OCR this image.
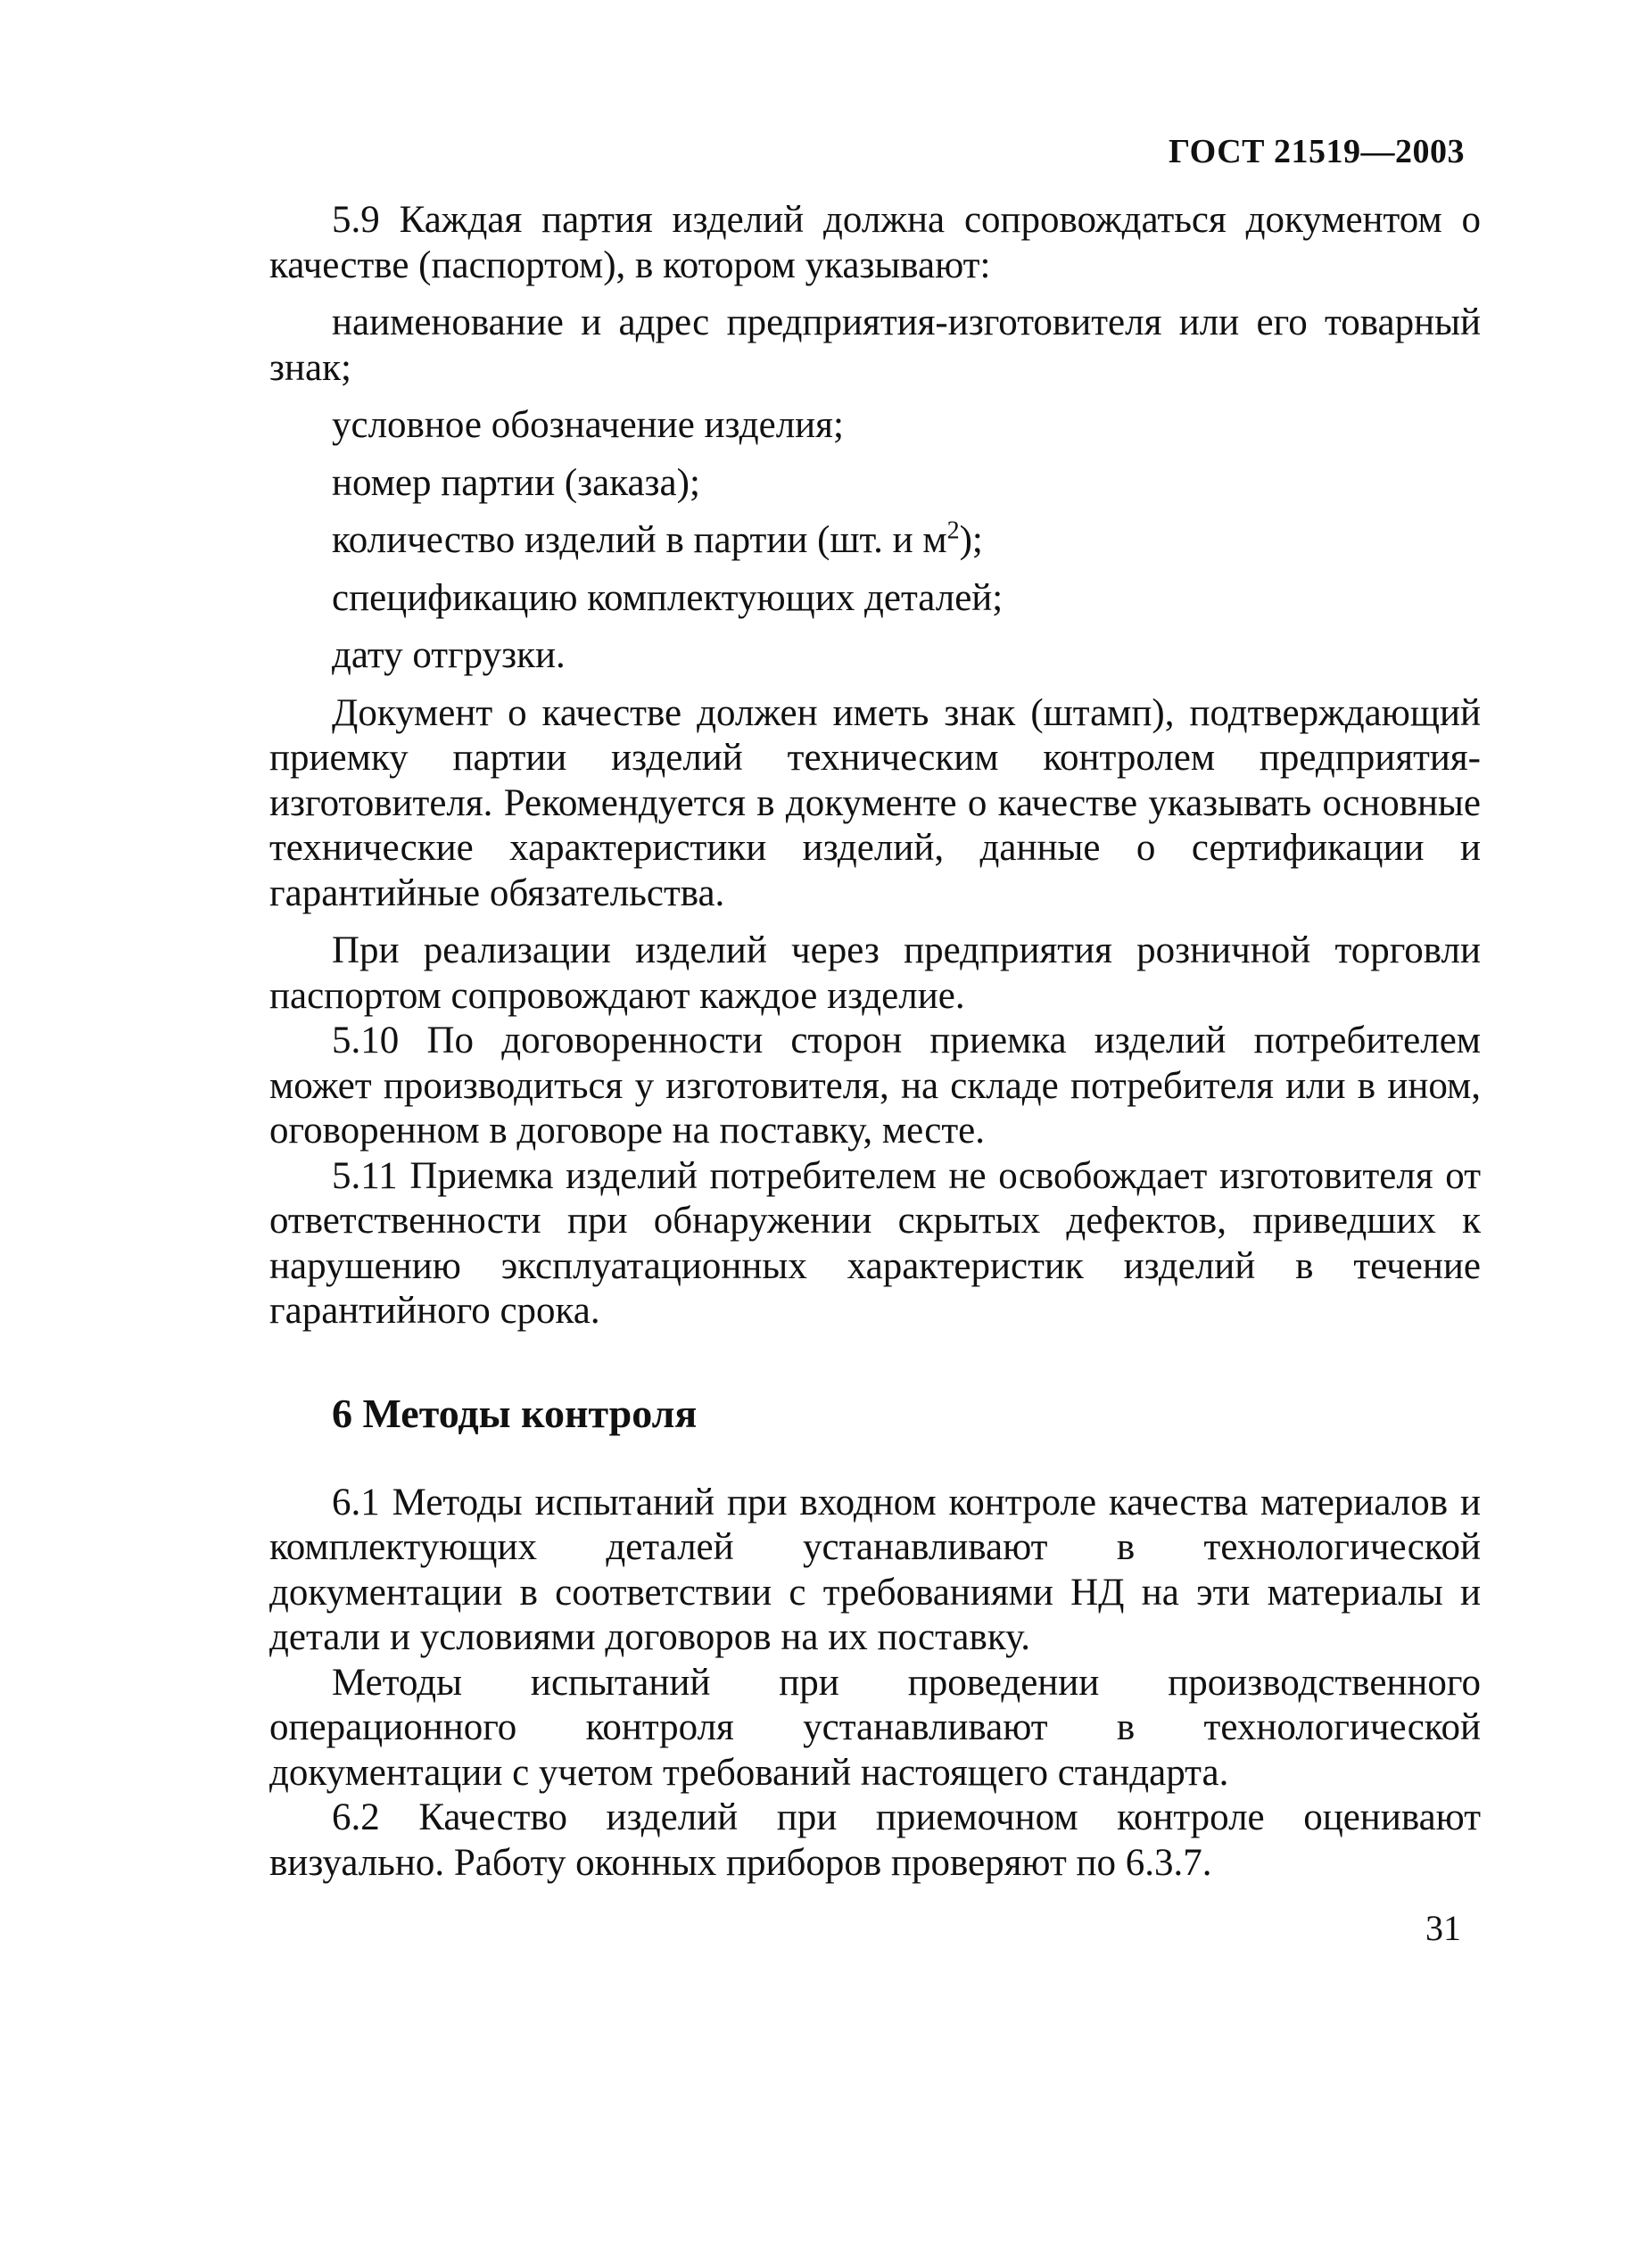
ГОСТ 21519—2003

5.9 Каждая партия изделий должна сопровождаться документом о качестве (паспортом), в котором указывают:

наименование и адрес предприятия-изготовителя или его товарный знак;

условное обозначение изделия;

номер партии (заказа);

количество изделий в партии (шт. и $м^2$);

спецификацию комплектующих деталей;

дату отгрузки.

Документ о качестве должен иметь знак (штамп), подтверждающий приемку партии изделий техническим контролем предприятия-изготовителя. Рекомендуется в документе о качестве указывать основные технические характеристики изделий, данные о сертификации и гарантийные обязательства.

При реализации изделий через предприятия розничной торговли паспортом сопровождают каждое изделие.

5.10 По договоренности сторон приемка изделий потребителем может производиться у изготовителя, на складе потребителя или в ином, оговоренном в договоре на поставку, месте.

5.11 Приемка изделий потребителем не освобождает изготовителя от ответственности при обнаружении скрытых дефектов, приведших к нарушению эксплуатационных характеристик изделий в течение гарантийного срока.

6 Методы контроля

6.1 Методы испытаний при входном контроле качества материалов и комплектующих деталей устанавливают в технологической документации в соответствии с требованиями НД на эти материалы и детали и условиями договоров на их поставку.

Методы испытаний при проведении производственного операционного контроля устанавливают в технологической документации с учетом требований настоящего стандарта.

6.2 Качество изделий при приемочном контроле оценивают визуально. Работу оконных приборов проверяют по 6.3.7.

31
